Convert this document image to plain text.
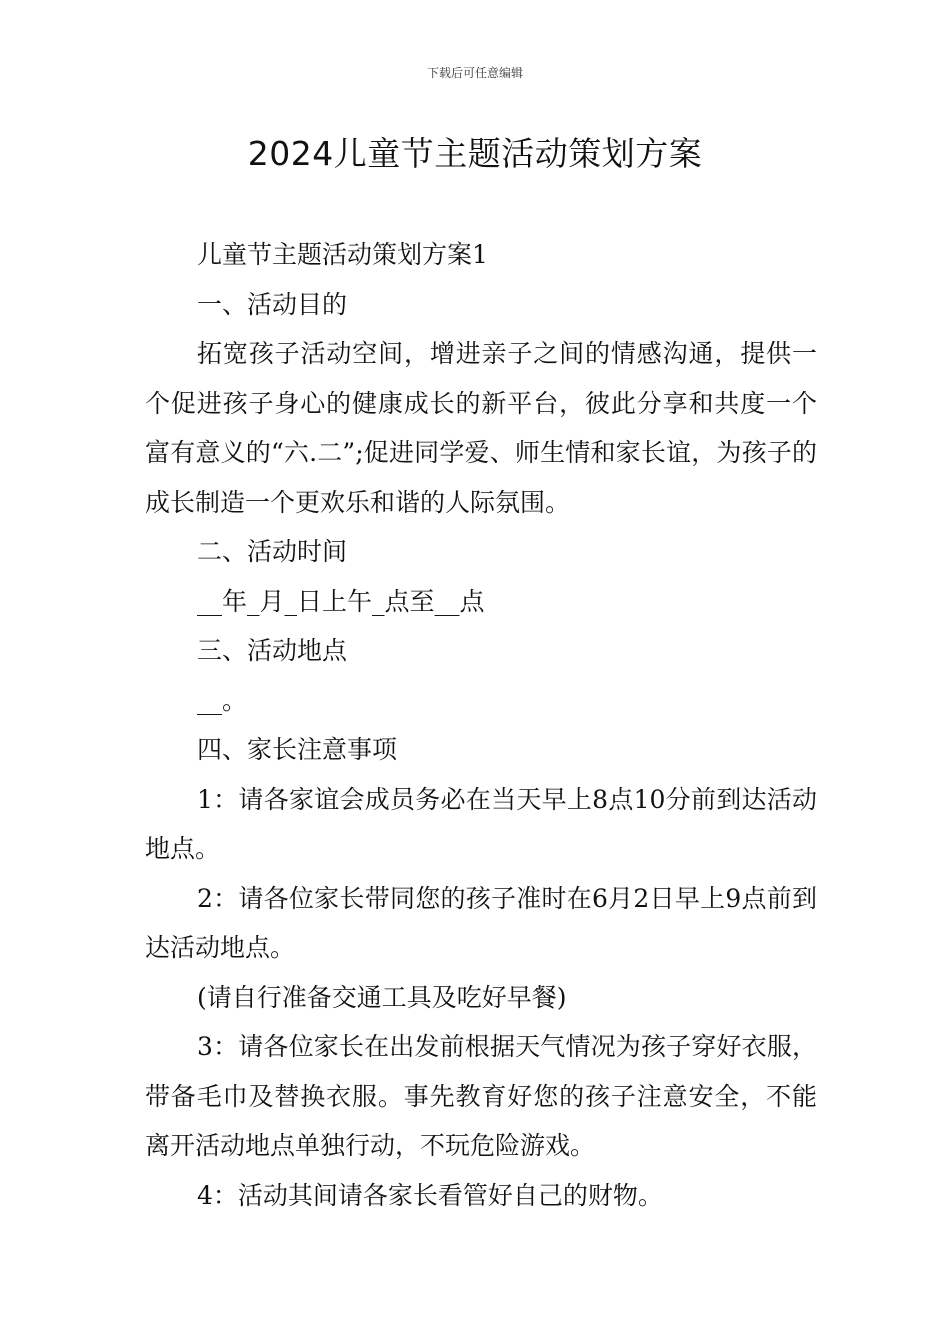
下载后可任意编辑
2024儿童节主题活动策划方案

儿童节主题活动策划方案1

一、活动目的

拓宽孩子活动空间，增进亲子之间的情感沟通，提供一个促进孩子身心的健康成长的新平台，彼此分享和共度一个富有意义的“六.二”;促进同学爱、师生情和家长谊，为孩子的成长制造一个更欢乐和谐的人际氛围。

二、活动时间

__年_月_日上午_点至__点

三、活动地点

__。

四、家长注意事项

1：请各家谊会成员务必在当天早上8点10分前到达活动地点。

2：请各位家长带同您的孩子准时在6月2日早上9点前到达活动地点。

(请自行准备交通工具及吃好早餐)

3：请各位家长在出发前根据天气情况为孩子穿好衣服，带备毛巾及替换衣服。事先教育好您的孩子注意安全，不能离开活动地点单独行动，不玩危险游戏。

4：活动其间请各家长看管好自己的财物。
